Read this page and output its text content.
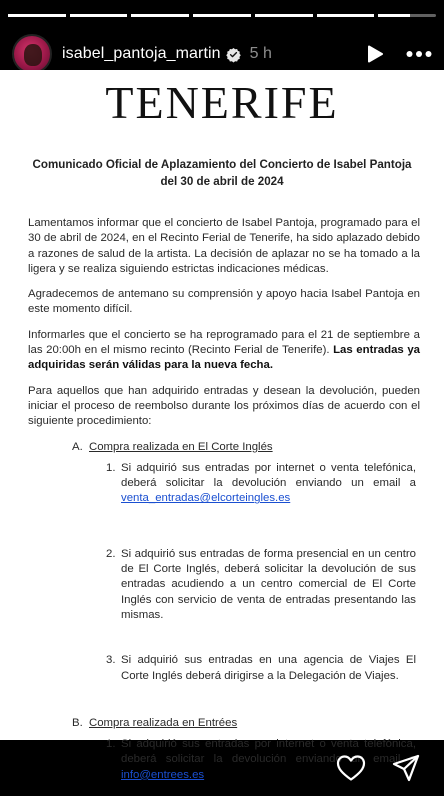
isabel_pantoja_martin 5 h
TENERIFE
Comunicado Oficial de Aplazamiento del Concierto de Isabel Pantoja del 30 de abril de 2024

Lamentamos informar que el concierto de Isabel Pantoja, programado para el 30 de abril de 2024, en el Recinto Ferial de Tenerife, ha sido aplazado debido a razones de salud de la artista. La decisión de aplazar no se ha tomado a la ligera y se realiza siguiendo estrictas indicaciones médicas.

Agradecemos de antemano su comprensión y apoyo hacia Isabel Pantoja en este momento difícil.

Informarles que el concierto se ha reprogramado para el 21 de septiembre a las 20:00h en el mismo recinto (Recinto Ferial de Tenerife). Las entradas ya adquiridas serán válidas para la nueva fecha.

Para aquellos que han adquirido entradas y desean la devolución, pueden iniciar el proceso de reembolso durante los próximos días de acuerdo con el siguiente procedimiento:

A. Compra realizada en El Corte Inglés
1. Si adquirió sus entradas por internet o venta telefónica, deberá solicitar la devolución enviando un email a venta_entradas@elcorteingles.es
2. Si adquirió sus entradas de forma presencial en un centro de El Corte Inglés, deberá solicitar la devolución de sus entradas acudiendo a un centro comercial de El Corte Inglés con servicio de venta de entradas presentando las mismas.
3. Si adquirió sus entradas en una agencia de Viajes El Corte Inglés deberá dirigirse a la Delegación de Viajes.
B. Compra realizada en Entrées
1. Si adquirió sus entradas por internet o venta telefónica, deberá solicitar la devolución enviando un email a info@entrees.es
